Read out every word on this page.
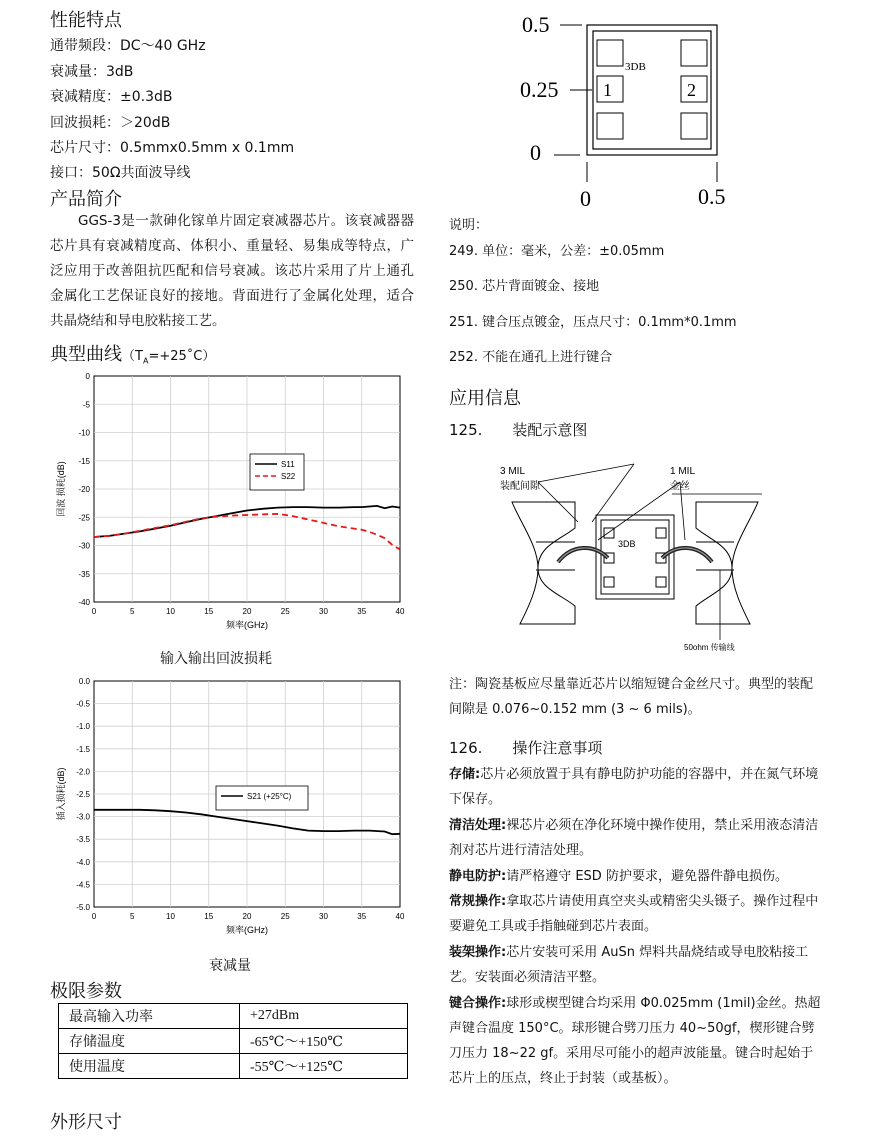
性能特点
通带频段：DC～40 GHz
衰减量：3dB
衰减精度：±0.3dB
回波损耗：＞20dB
芯片尺寸：0.5mmx0.5mm x 0.1mm
接口：50Ω共面波导线
产品简介
GGS-3是一款砷化镓单片固定衰减器芯片。该衰减器器芯片具有衰减精度高、体积小、重量轻、易集成等特点，广泛应用于改善阻抗匹配和信号衰减。该芯片采用了片上通孔金属化工艺保证良好的接地。背面进行了金属化处理，适合共晶烧结和导电胶粘接工艺。
典型曲线$(T_A=+25˚C)$
0	5	10	15	20	25	30	35	40
0
-5
-10
-15
-20
-25
-30
-35
-40
频率(GHz)
回波 损耗(dB)	S11
S22
输入输出回波损耗
0	5	10	15	20	25	30	35	40
0.0
-0.5
-1.0
-1.5
-2.0
-2.5
-3.0
-3.5
-4.0
-4.5
-5.0
频率(GHz)
插入损耗(dB)	S21 (+25°C)
衰减量
极限参数
最高输入功率	+27dBm
存储温度	-65℃～+150℃
使用温度	-55℃～+125℃
外形尺寸
3DB
1	2
0.5
0.25
0
0	0.5
说明：
249. 单位：毫米，公差：±0.05mm
250. 芯片背面镀金、接地
251. 键合压点镀金，压点尺寸：0.1mm*0.1mm
252. 不能在通孔上进行键合
应用信息
125. 装配示意图
3DB
3 MIL
装配间隙
1 MIL
金丝
50ohm 传输线
注：陶瓷基板应尽量靠近芯片以缩短键合金丝尺寸。典型的装配间隙是 0.076~0.152 mm (3 ~ 6 mils)。
126. 操作注意事项
存储:芯片必须放置于具有静电防护功能的容器中，并在氮气环境下保存。
清洁处理:裸芯片必须在净化环境中操作使用，禁止采用液态清洁剂对芯片进行清洁处理。
静电防护:请严格遵守 ESD 防护要求，避免器件静电损伤。
常规操作:拿取芯片请使用真空夹头或精密尖头镊子。操作过程中要避免工具或手指触碰到芯片表面。
装架操作:芯片安装可采用 AuSn 焊料共晶烧结或导电胶粘接工艺。安装面必须清洁平整。
键合操作:球形或楔型键合均采用 Φ0.025mm (1mil)金丝。热超声键合温度 150°C。球形键合劈刀压力 40~50gf，楔形键合劈刀压力 18~22 gf。采用尽可能小的超声波能量。键合时起始于芯片上的压点，终止于封装（或基板）。
